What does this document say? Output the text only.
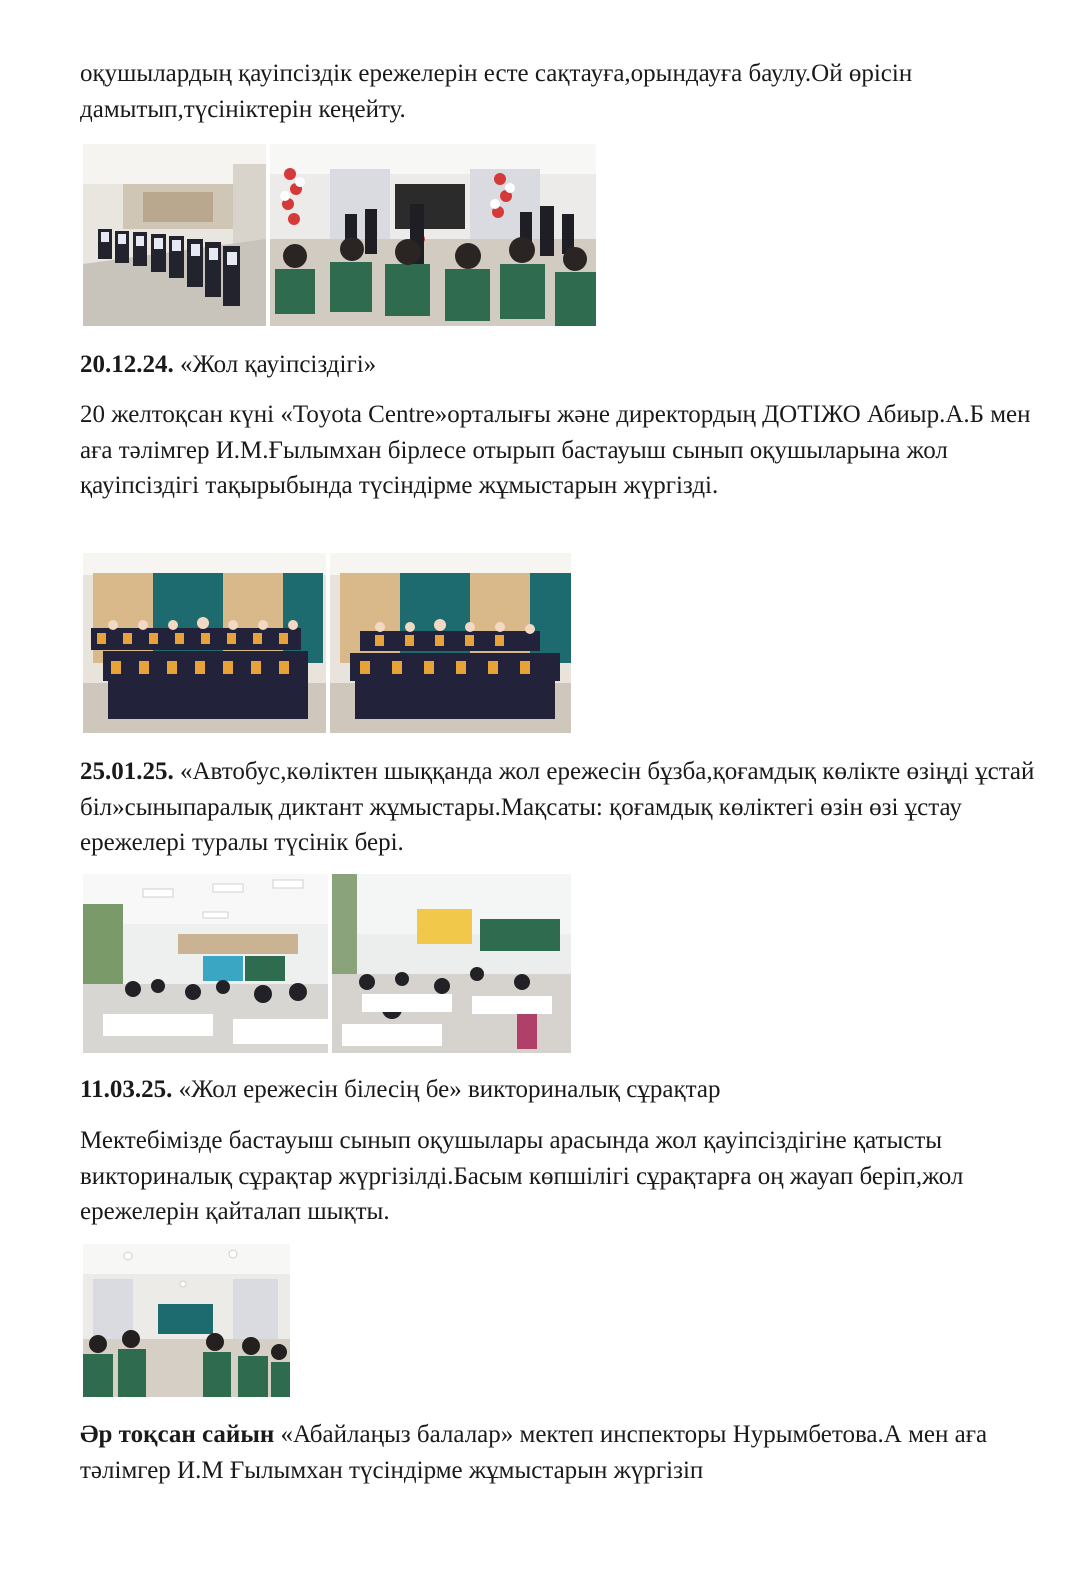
оқушылардың қауіпсіздік ережелерін есте сақтауға,орындауға баулу.Ой өрісін дамытып,түсініктерін кеңейту.

20.12.24. «Жол қауіпсіздігі»

20 желтоқсан күні «Toyota Centre»орталығы және директордың ДОТІЖО Абиыр.А.Б мен аға тәлімгер И.М.Ғылымхан бірлесе отырып бастауыш сынып оқушыларына жол қауіпсіздігі тақырыбында түсіндірме жұмыстарын жүргізді.

25.01.25. «Автобус,көліктен шыққанда жол ережесін бұзба,қоғамдық көлікте өзіңді ұстай біл»сыныпаралық диктант жұмыстары.Мақсаты: қоғамдық көліктегі өзін өзі ұстау ережелері туралы түсінік бері.

11.03.25. «Жол ережесін білесің бе» викториналық сұрақтар

Мектебімізде бастауыш сынып оқушылары арасында жол қауіпсіздігіне қатысты викториналық сұрақтар жүргізілді.Басым көпшілігі сұрақтарға оң жауап беріп,жол ережелерін қайталап шықты.

Әр тоқсан сайын «Абайлаңыз балалар» мектеп инспекторы Нурымбетова.А мен аға тәлімгер И.М Ғылымхан түсіндірме жұмыстарын жүргізіп
